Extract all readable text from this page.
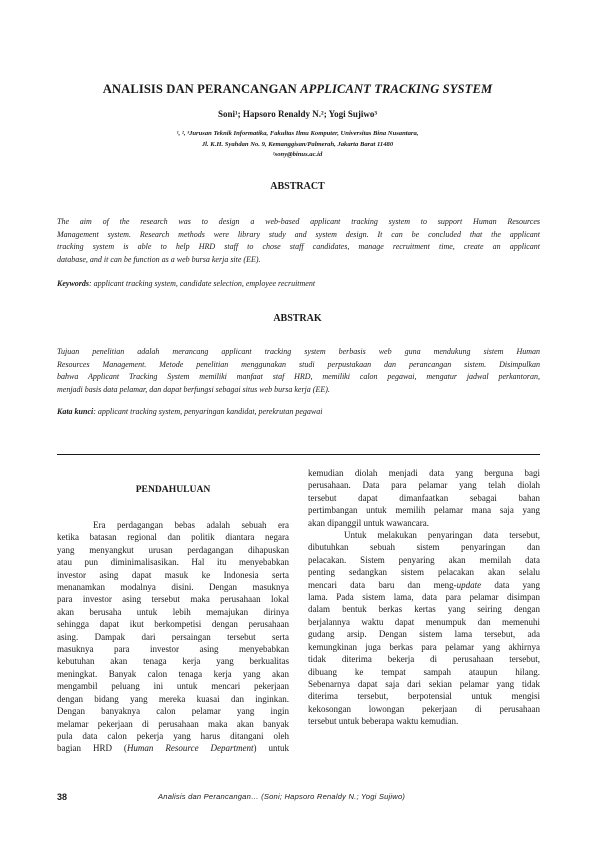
ANALISIS DAN PERANCANGAN APPLICANT TRACKING SYSTEM
Soni¹; Hapsoro Renaldy N.²; Yogi Sujiwo³
¹, ², ³Jurusan Teknik Informatika, Fakultas Ilmu Komputer, Universitas Bina Nusantara,
Jl. K.H. Syahdan No. 9, Kemanggisan/Palmerah, Jakarta Barat 11480
¹sony@binus.ac.id
ABSTRACT

The aim of the research was to design a web-based applicant tracking system to support Human Resources
Management system. Research methods were library study and system design. It can be concluded that the applicant
tracking system is able to help HRD staff to chose staff candidates, manage recruitment time, create an applicant
database, and it can be function as a web bursa kerja site (EE).

Keywords: applicant tracking system, candidate selection, employee recruitment
ABSTRAK

Tujuan penelitian adalah merancang applicant tracking system berbasis web guna mendukung sistem Human
Resources Management. Metode penelitian menggunakan studi perpustakaan dan perancangan sistem. Disimpulkan
bahwa Applicant Tracking System memiliki manfaat staf HRD, memiliki calon pegawai, mengatur jadwal perkantoran,
menjadi basis data pelamar, dan dapat berfungsi sebagai situs web bursa kerja (EE).

Kata kunci: applicant tracking system, penyaringan kandidat, perekrutan pegawai
PENDAHULUAN

Era perdagangan bebas adalah sebuah era
ketika batasan regional dan politik diantara negara
yang menyangkut urusan perdagangan dihapuskan
atau pun diminimalisasikan. Hal itu menyebabkan
investor asing dapat masuk ke Indonesia serta
menanamkan modalnya disini. Dengan masuknya
para investor asing tersebut maka perusahaan lokal
akan berusaha untuk lebih memajukan dirinya
sehingga dapat ikut berkompetisi dengan perusahaan
asing. Dampak dari persaingan tersebut serta
masuknya para investor asing menyebabkan
kebutuhan akan tenaga kerja yang berkualitas
meningkat. Banyak calon tenaga kerja yang akan
mengambil peluang ini untuk mencari pekerjaan
dengan bidang yang mereka kuasai dan inginkan.
Dengan banyaknya calon pelamar yang ingin
melamar pekerjaan di perusahaan maka akan banyak
pula data calon pekerja yang harus ditangani oleh
bagian HRD (Human Resource Department) untuk

kemudian diolah menjadi data yang berguna bagi
perusahaan. Data para pelamar yang telah diolah
tersebut dapat dimanfaatkan sebagai bahan
pertimbangan untuk memilih pelamar mana saja yang
akan dipanggil untuk wawancara.
Untuk melakukan penyaringan data tersebut,
dibutuhkan sebuah sistem penyaringan dan
pelacakan. Sistem penyaring akan memilah data
penting sedangkan sistem pelacakan akan selalu
mencari data baru dan meng-update data yang
lama. Pada sistem lama, data para pelamar disimpan
dalam bentuk berkas kertas yang seiring dengan
berjalannya waktu dapat menumpuk dan memenuhi
gudang arsip. Dengan sistem lama tersebut, ada
kemungkinan juga berkas para pelamar yang akhirnya
tidak diterima bekerja di perusahaan tersebut,
dibuang ke tempat sampah ataupun hilang.
Sebenarnya dapat saja dari sekian pelamar yang tidak
diterima tersebut, berpotensial untuk mengisi
kekosongan lowongan pekerjaan di perusahaan
tersebut untuk beberapa waktu kemudian.

38	Analisis dan Perancangan… (Soni; Hapsoro Renaldy N.; Yogi Sujiwo)
